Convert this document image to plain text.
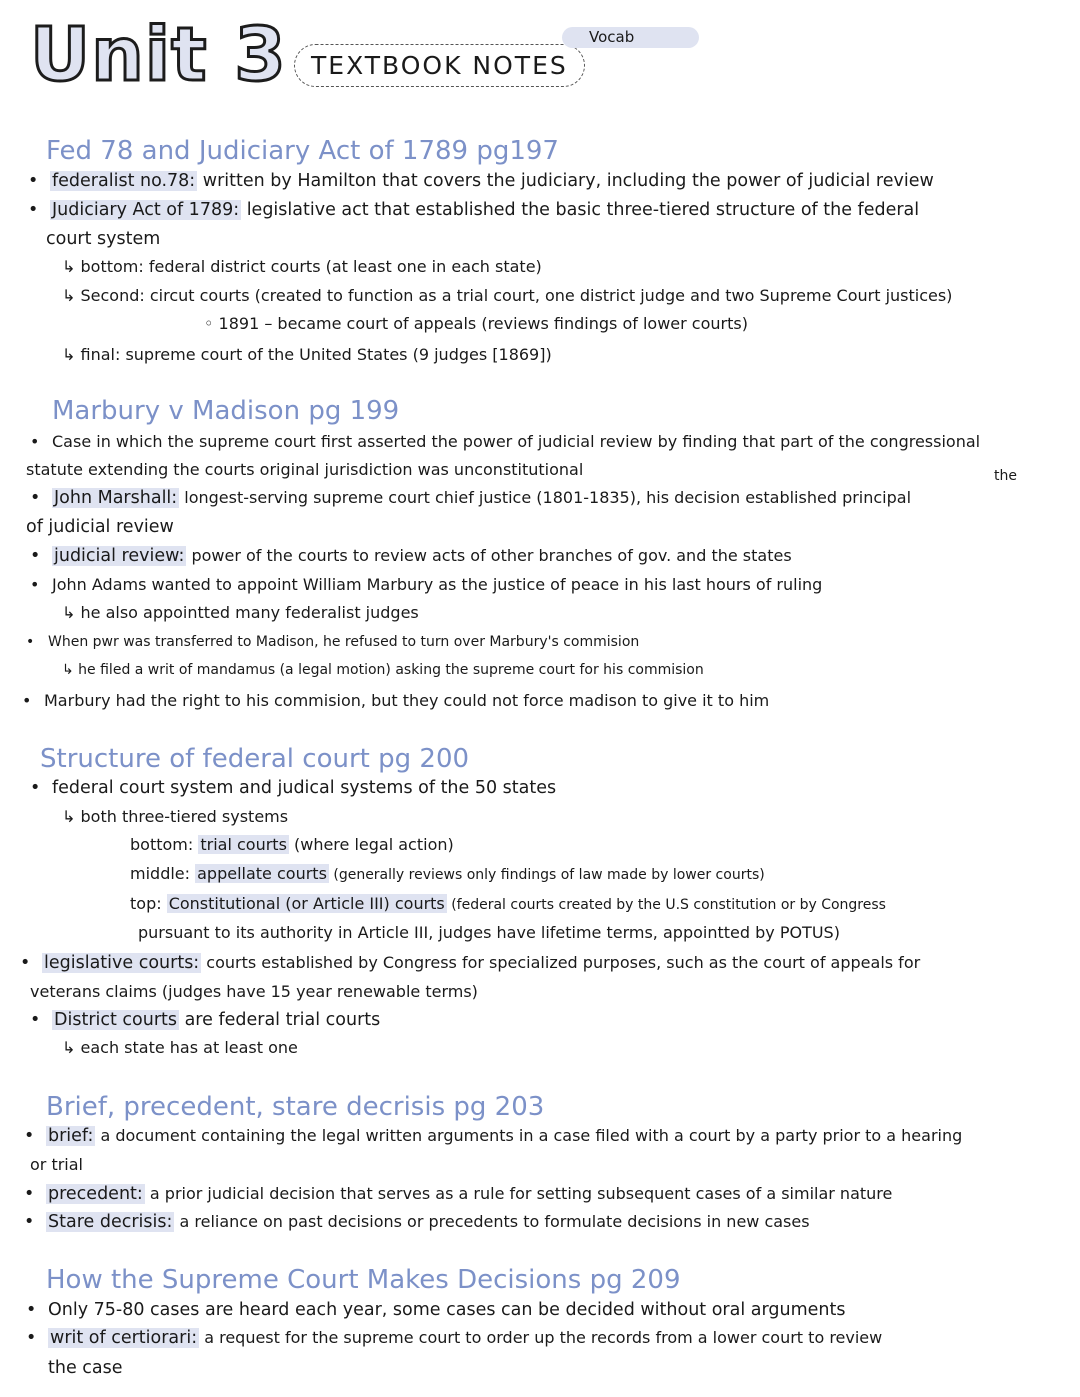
Unit 3 TEXTBOOK NOTES
Vocab
Fed 78 and Judiciary Act of 1789 pg197
• federalist no.78: written by Hamilton that covers the judiciary, including the power of judicial review
• Judiciary Act of 1789: legislative act that established the basic three-tiered structure of the federal
court system
↳ bottom: federal district courts (at least one in each state)
↳ Second: circut courts (created to function as a trial court, one district judge and two Supreme Court justices)
◦ 1891 – became court of appeals (reviews findings of lower courts)
↳ final: supreme court of the United States (9 judges [1869])
Marbury v Madison pg 199
• Case in which the supreme court first asserted the power of judicial review by finding that part of the congressional
statute extending the courts original jurisdiction was unconstitutional	the
• John Marshall: longest-serving supreme court chief justice (1801-1835), his decision established principal
of judicial review
• judicial review: power of the courts to review acts of other branches of gov. and the states
• John Adams wanted to appoint William Marbury as the justice of peace in his last hours of ruling
↳ he also appointted many federalist judges
• When pwr was transferred to Madison, he refused to turn over Marbury's commision
↳ he filed a writ of mandamus (a legal motion) asking the supreme court for his commision
• Marbury had the right to his commision, but they could not force madison to give it to him
Structure of federal court pg 200
• federal court system and judical systems of the 50 states
↳ both three-tiered systems
bottom: trial courts (where legal action)
middle: appellate courts (generally reviews only findings of law made by lower courts)
top: Constitutional (or Article III) courts (federal courts created by the U.S constitution or by Congress
pursuant to its authority in Article III, judges have lifetime terms, appointted by POTUS)
• legislative courts: courts established by Congress for specialized purposes, such as the court of appeals for
veterans claims (judges have 15 year renewable terms)
• District courts are federal trial courts
↳ each state has at least one
Brief, precedent, stare decrisis pg 203
• brief: a document containing the legal written arguments in a case filed with a court by a party prior to a hearing
or trial
• precedent: a prior judicial decision that serves as a rule for setting subsequent cases of a similar nature
• Stare decrisis: a reliance on past decisions or precedents to formulate decisions in new cases
How the Supreme Court Makes Decisions pg 209
• Only 75-80 cases are heard each year, some cases can be decided without oral arguments
• writ of certiorari: a request for the supreme court to order up the records from a lower court to review
the case
